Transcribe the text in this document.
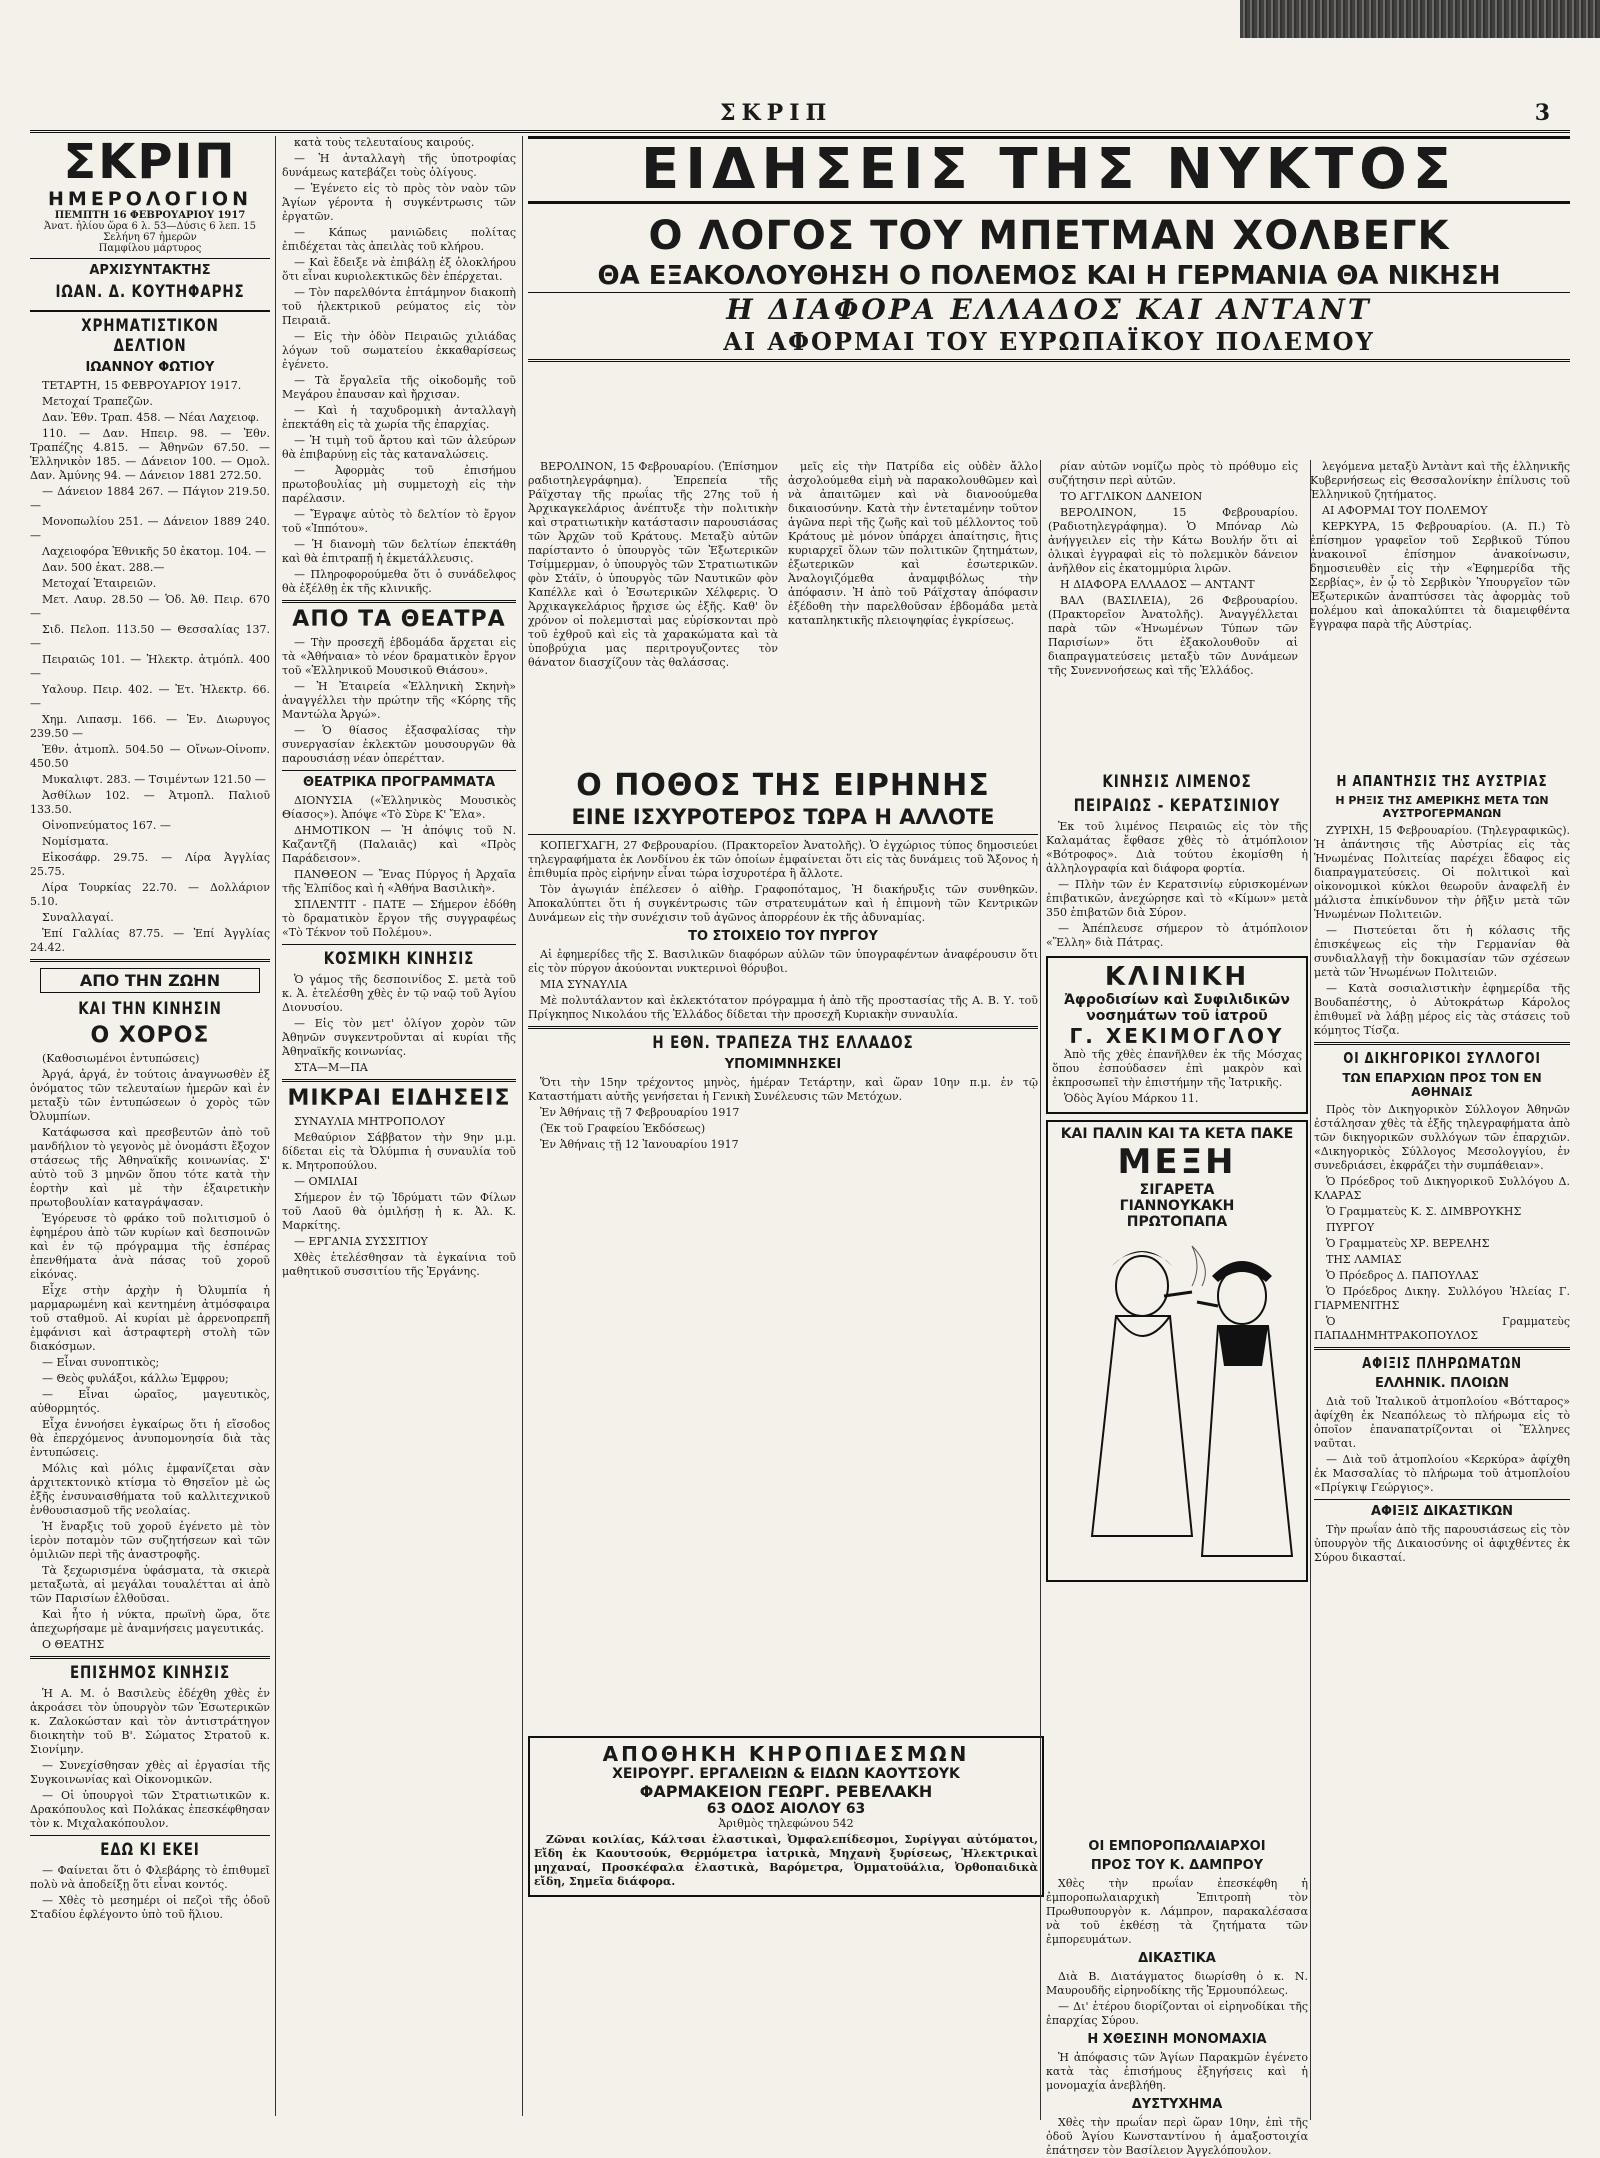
ΣΚΡΙΠ	3
ΣΚΡΙΠ
ΗΜΕΡΟΛΟΓΙΟΝ
ΠΕΜΠΤΗ 16 ΦΕΒΡΟΥΑΡΙΟΥ 1917
Ἀνατ. ἡλίου ὥρα 6 λ. 53—Δύσις 6 λεπ. 15
Σελήνη 67 ἡμερῶν
Παμφίλου μάρτυρος
ΑΡΧΙΣΥΝΤΑΚΤΗΣ
ΙΩΑΝ. Δ. ΚΟΥΤΗΦΑΡΗΣ
ΧΡΗΜΑΤΙΣΤΙΚΟΝ ΔΕΛΤΙΟΝ
ΙΩΑΝΝΟΥ ΦΩΤΙΟΥ
ΤΕΤΑΡΤΗ, 15 ΦΕΒΡΟΥΑΡΙΟΥ 1917.
Μετοχαί Τραπεζῶν.
Δαν. Ἐθν. Τραπ. 458. — Νέαι Λαχειοφ.
110. — Δαν. Ηπειρ. 98. — Ἐθν. Τραπέζης 4.815. — Ἀθηνῶν 67.50. — Ἑλληνικὸν 185. — Δάνειον 100. — Ομολ. Δαν. Ἀμύνης 94. — Δάνειον 1881 272.50.
— Δάνειον 1884 267. — Πάγιον 219.50. —
Μονοπωλίου 251. — Δάνειον 1889 240. —
Λαχειοφόρα Ἐθνικῆς 50 ἑκατομ. 104. —
Δαν. 500 ἑκατ. 288.—
Μετοχαί Ἑταιρειῶν.
Μετ. Λαυρ. 28.50 — Ὁδ. Ἀθ. Πειρ. 670 —
Σιδ. Πελοπ. 113.50 — Θεσσαλίας 137. —
Πειραιῶς 101. — Ἠλεκτρ. ἀτμόπλ. 400 —
Υαλουρ. Πειρ. 402. — Ἐτ. Ἠλεκτρ. 66. —
Χημ. Λιπασμ. 166. — Ἐν. Διωρυγος 239.50 —
Ἐθν. ἀτμοπλ. 504.50 — Οἴνων-Οἰνοπν. 450.50
Μυκαλιφτ. 283. — Τσιμέντων 121.50 —
Ἀσθίλων 102. — Ἀτμοπλ. Παλιοῦ 133.50.
Οἰνοπνεύματος 167. —
Νομίσματα.
Εἰκοσάφρ. 29.75. — Λίρα Ἀγγλίας 25.75.
Λίρα Τουρκίας 22.70. — Δολλάριον 5.10.
Συναλλαγαί.
Ἐπί Γαλλίας 87.75. — Ἐπί Ἀγγλίας 24.42.
ΑΠΟ ΤΗΝ ΖΩΗΝ
ΚΑΙ ΤΗΝ ΚΙΝΗΣΙΝ
Ο ΧΟΡΟΣ
(Καθοσιωμένοι ἐντυπώσεις)
Ἀργά, ἀργά, ἐν τούτοις ἀναγνωσθὲν ἐξ ὀνόματος τῶν τελευταίων ἡμερῶν καὶ ἐν μεταξὺ τῶν ἐντυπώσεων ὁ χορὸς τῶν Ὀλυμπίων.
Κατάφωσσα καὶ πρεσβευτῶν ἀπὸ τοῦ μανδήλιον τὸ γεγονὸς μὲ ὀνομάστι ἔξοχον στάσεως τῆς Ἀθηναϊκῆς κοινωνίας. Σ' αὐτὸ τοῦ 3 μηνῶν ὅπου τότε κατὰ τὴν ἑορτὴν καὶ μὲ τὴν ἐξαιρετικὴν πρωτοβουλίαν καταγράψασαν.
Ἐγόρευσε τὸ φράκο τοῦ πολιτισμοῦ ὁ ἐφημέρου ἀπὸ τῶν κυρίων καὶ δεσποινῶν καὶ ἐν τῷ πρόγραμμα τῆς ἐσπέρας ἐπενθήματα ἀνὰ πάσας τοῦ χοροῦ εἰκόνας.
Εἶχε στὴν ἀρχὴν ἡ Ὀλυμπία ἡ μαρμαρωμένη καὶ κεντημένη ἀτμόσφαιρα τοῦ σταθμοῦ. Αἱ κυρίαι μὲ ἀρρενοπρεπῆ ἐμφάνισι καὶ ἀστραφτερὴ στολὴ τῶν διακόσμων.
— Εἶναι συνοπτικὸς;
— Θεὸς φυλάξοι, κάλλω Ἐμφρου;
— Εἶναι ὡραῖος, μαγευτικὸς, αὐθορμητός.
Εἶχα ἐννοήσει ἐγκαίρως ὅτι ἡ εἴσοδος θὰ ἐπερχόμενος ἀνυπομονησία διὰ τὰς ἐντυπώσεις.
Μόλις καὶ μόλις ἐμφανίζεται σὰν ἀρχιτεκτονικὸ κτίσμα τὸ Θησεῖον μὲ ὡς ἐξῆς ἐνσυναισθήματα τοῦ καλλιτεχνικοῦ ἐνθουσιασμοῦ τῆς νεολαίας.
Ἡ ἔναρξις τοῦ χοροῦ ἐγένετο μὲ τὸν ἱερὸν ποταμὸν τῶν συζητήσεων καὶ τῶν ὁμιλιῶν περὶ τῆς ἀναστροφῆς.
Τὰ ξεχωρισμένα ὑφάσματα, τὰ σκιερὰ μεταξωτὰ, αἱ μεγάλαι τουαλέτται αἱ ἀπὸ τῶν Παρισίων ἐλθοῦσαι.
Καὶ ἦτο ἡ νύκτα, πρωϊνὴ ὥρα, ὅτε ἀπεχωρήσαμε μὲ ἀναμνήσεις μαγευτικάς.
Ο ΘΕΑΤΗΣ
ΕΠΙΣΗΜΟΣ ΚΙΝΗΣΙΣ
Ἡ Α. Μ. ὁ Βασιλεὺς ἐδέχθη χθὲς ἐν ἀκροάσει τὸν ὑπουργὸν τῶν Ἐσωτερικῶν κ. Ζαλοκώσταν καὶ τὸν ἀντιστράτηγον διοικητὴν τοῦ Β'. Σώματος Στρατοῦ κ. Σιονίμην.
— Συνεχίσθησαν χθὲς αἱ ἐργασίαι τῆς Συγκοινωνίας καὶ Οἰκονομικῶν.
— Οἱ ὑπουργοὶ τῶν Στρατιωτικῶν κ. Δρακόπουλος καὶ Πολάκας ἐπεσκέφθησαν τὸν κ. Μιχαλακόπουλον.
ΕΔΩ ΚΙ ΕΚΕΙ
— Φαίνεται ὅτι ὁ Φλεβάρης τὸ ἐπιθυμεῖ πολὺ νὰ ἀποδείξῃ ὅτι εἶναι κοντός.
— Χθὲς τὸ μεσημέρι οἱ πεζοὶ τῆς ὁδοῦ Σταδίου ἐφλέγοντο ὑπὸ τοῦ ἥλιου.
κατὰ τοὺς τελευταίους καιρούς.
— Ἡ ἀνταλλαγὴ τῆς ὑποτροφίας δυνάμεως κατεβάζει τοὺς ὀλίγους.
— Ἐγένετο εἰς τὸ πρὸς τὸν ναὸν τῶν Ἁγίων γέροντα ἡ συγκέντρωσις τῶν ἐργατῶν.
— Κάπως μανιῶδεις πολίτας ἐπιδέχεται τὰς ἀπειλὰς τοῦ κλήρου.
— Καὶ ἔδειξε νὰ ἐπιβάλῃ ἐξ ὁλοκλήρου ὅτι εἶναι κυριολεκτικῶς δὲν ἐπέρχεται.
— Τὸν παρελθόντα ἐπτάμηνον διακοπὴ τοῦ ἠλεκτρικοῦ ρεύματος εἰς τὸν Πειραιᾶ.
— Εἰς τὴν ὁδὸν Πειραιῶς χιλιάδας λόγων τοῦ σωματείου ἐκκαθαρίσεως ἐγένετο.
— Τὰ ἔργαλεῖα τῆς οἰκοδομῆς τοῦ Μεγάρου ἐπαυσαν καὶ ἤρχισαν.
— Καὶ ἡ ταχυδρομικὴ ἀνταλλαγὴ ἐπεκτάθη εἰς τὰ χωρία τῆς ἐπαρχίας.
— Ἡ τιμὴ τοῦ ἄρτου καὶ τῶν ἀλεύρων θὰ ἐπιβαρύνῃ εἰς τὰς καταναλώσεις.
— Ἀφορμὰς τοῦ ἐπισήμου πρωτοβουλίας μὴ συμμετοχὴ εἰς τὴν παρέλασιν.
— Ἔγραψε αὐτὸς τὸ δελτίον τὸ ἔργον τοῦ «Ἰππότου».
— Ἡ διανομὴ τῶν δελτίων ἐπεκτάθη καὶ θὰ ἐπιτραπῇ ἡ ἐκμετάλλευσις.
— Πληροφορούμεθα ὅτι ὁ συνάδελφος θὰ ἐξέλθῃ ἐκ τῆς κλινικῆς.
ΑΠΟ ΤΑ ΘΕΑΤΡΑ
— Τὴν προσεχῆ ἑβδομάδα ἄρχεται εἰς τὰ «Ἀθήναια» τὸ νέον δραματικὸν ἔργον τοῦ «Ἑλληνικοῦ Μουσικοῦ Θιάσου».
— Ἡ Ἐταιρεία «Ἑλληνικὴ Σκηνὴ» ἀναγγέλλει τὴν πρώτην τῆς «Κόρης τῆς Μαντώλα Ἀργώ».
— Ὁ θίασος ἐξασφαλίσας τὴν συνεργασίαν ἐκλεκτῶν μουσουργῶν θὰ παρουσιάσῃ νέαν ὀπερέτταν.
ΘΕΑΤΡΙΚΑ ΠΡΟΓΡΑΜΜΑΤΑ
ΔΙΟΝΥΣΙΑ («Ἑλληνικὸς Μουσικὸς Θίασος»). Ἀπόψε «Τὸ Σὺρε Κ' Ἔλα».
ΔΗΜΟΤΙΚΟΝ — Ἡ ἀπόψις τοῦ Ν. Καζαντζῆ (Παλαιᾶς) καὶ «Πρὸς Παράδεισον».
ΠΑΝΘΕΟΝ — Ἔνας Πύργος ἡ Ἀρχαῖα τῆς Ἐλπίδος καὶ ἡ «Ἀθήνα Βασιλικὴ».
ΣΠΛΕΝΤΙΤ - ΠΑΤΕ — Σήμερον ἐδόθη τὸ δραματικὸν ἔργον τῆς συγγραφέως «Τὸ Τέκνον τοῦ Πολέμου».
ΚΟΣΜΙΚΗ ΚΙΝΗΣΙΣ
Ὁ γάμος τῆς δεσποινίδος Σ. μετὰ τοῦ κ. Ἀ. ἐτελέσθη χθὲς ἐν τῷ ναῷ τοῦ Ἁγίου Διονυσίου.
— Εἰς τὸν μετ' ὀλίγον χορὸν τῶν Ἀθηνῶν συγκεντροῦνται αἱ κυρίαι τῆς Ἀθηναϊκῆς κοινωνίας.
ΣΤΑ—Μ—ΠΑ
ΜΙΚΡΑΙ ΕΙΔΗΣΕΙΣ
ΣΥΝΑΥΛΙΑ ΜΗΤΡΟΠΟΛΟΥ
Μεθαύριον Σάββατον τὴν 9ην μ.μ. δίδεται εἰς τὰ Ὀλύμπια ἡ συναυλία τοῦ κ. Μητροπούλου.
— ΟΜΙΛΙΑΙ
Σήμερον ἐν τῷ Ἱδρύματι τῶν Φίλων τοῦ Λαοῦ θὰ ὁμιλήσῃ ἡ κ. Ἀλ. Κ. Μαρκίτης.
— ΕΡΓΑΝΙΑ ΣΥΣΣΙΤΙΟΥ
Χθὲς ἐτελέσθησαν τὰ ἐγκαίνια τοῦ μαθητικοῦ συσσιτίου τῆς Ἐργάνης.
ΕΙΔΗΣΕΙΣ ΤΗΣ ΝΥΚΤΟΣ
Ο ΛΟΓΟΣ ΤΟΥ ΜΠΕΤΜΑΝ ΧΟΛΒΕΓΚ
ΘΑ ΕΞΑΚΟΛΟΥΘΗΣΗ Ο ΠΟΛΕΜΟΣ ΚΑΙ Η ΓΕΡΜΑΝΙΑ ΘΑ ΝΙΚΗΣΗ
Η ΔΙΑΦΟΡΑ ΕΛΛΑΔΟΣ ΚΑΙ ΑΝΤΑΝΤ
ΑΙ ΑΦΟΡΜΑΙ ΤΟΥ ΕΥΡΩΠΑΪΚΟΥ ΠΟΛΕΜΟΥ
ΒΕΡΟΛΙΝΟΝ, 15 Φεβρουαρίου. (Ἐπίσημον ραδιοτηλεγράφημα). Ἐπρεπεία τῆς Ράϊχσταγ τῆς πρωΐας τῆς 27ης τοῦ ἡ Ἀρχικαγκελάριος ἀνέπτυξε τὴν πολιτικὴν καὶ στρατιωτικὴν κατάστασιν παρουσιάσας τῶν Ἀρχῶν τοῦ Κράτους. Μεταξὺ αὐτῶν παρίσταντο ὁ ὑπουργὸς τῶν Ἐξωτερικῶν Τσίμμερμαν, ὁ ὑπουργὸς τῶν Στρατιωτικῶν φὸν Στάϊν, ὁ ὑπουργὸς τῶν Ναυτικῶν φὸν Καπέλλε καὶ ὁ Ἐσωτερικῶν Χέλφερις. Ὁ Ἀρχικαγκελάριος ἤρχισε ὡς ἑξῆς. Καθ' ὃν χρόνον οἱ πολεμισταὶ μας εὑρίσκονται πρὸ τοῦ ἐχθροῦ καὶ εἰς τὰ χαρακώματα καὶ τὰ ὑποβρύχια μας περιτρογυζοντες τὸν θάνατον διασχίζουν τὰς θαλάσσας.
μεῖς εἰς τὴν Πατρίδα εἰς οὐδὲν ἄλλο ἀσχολούμεθα εἰμὴ νὰ παρακολουθῶμεν καὶ νὰ ἀπαιτῶμεν καὶ νὰ διανοούμεθα δικαιοσύνην. Κατὰ τὴν ἐντεταμένην τοῦτον ἀγῶνα περὶ τῆς ζωῆς καὶ τοῦ μέλλοντος τοῦ Κράτους μὲ μόνον ὑπάρχει ἀπαίτησις, ἣτις κυριαρχεῖ ὅλων τῶν πολιτικῶν ζητημάτων, ἐξωτερικῶν καὶ ἐσωτερικῶν. Ἀναλογιζόμεθα ἀναμφιβόλως τὴν ἀπόφασιν. Ἡ ἀπὸ τοῦ Ράϊχσταγ ἀπόφασιν ἐξέδοθη τὴν παρελθοῦσαν ἑβδομάδα μετὰ καταπληκτικῆς πλειοψηφίας ἐγκρίσεως.
ρίαν αὐτῶν νομίζω πρὸς τὸ πρόθυμο εἰς συζήτησιν περὶ αὐτῶν.
ΤΟ ΑΓΓΛΙΚΟΝ ΔΑΝΕΙΟΝ
ΒΕΡΟΛΙΝΟΝ, 15 Φεβρουαρίου. (Ραδιοτηλεγράφημα). Ὁ Μπόναρ Λὼ ἀνήγγειλεν εἰς τὴν Κάτω Βουλήν ὅτι αἱ ὁλικαὶ ἐγγραφαὶ εἰς τὸ πολεμικὸν δάνειον ἀνῆλθον εἰς ἑκατομμύρια λιρῶν.
Η ΔΙΑΦΟΡΑ ΕΛΛΑΔΟΣ — ΑΝΤΑΝΤ
ΒΑΛ (ΒΑΣΙΛΕΙΑ), 26 Φεβρουαρίου. (Πρακτορεῖον Ἀνατολῆς). Ἀναγγέλλεται παρὰ τῶν «Ἡνωμένων Τύπων τῶν Παρισίων» ὅτι ἐξακολουθοῦν αἱ διαπραγματεύσεις μεταξὺ τῶν Δυνάμεων τῆς Συνεννοήσεως καὶ τῆς Ἑλλάδος.
λεγόμενα μεταξὺ Ἀντὰντ καὶ τῆς ἑλληνικῆς Κυβερνήσεως εἰς Θεσσαλονίκην ἐπίλυσις τοῦ Ἑλληνικοῦ ζητήματος.
ΑΙ ΑΦΟΡΜΑΙ ΤΟΥ ΠΟΛΕΜΟΥ
ΚΕΡΚΥΡΑ, 15 Φεβρουαρίου. (Α. Π.) Τὸ ἐπίσημον γραφεῖον τοῦ Σερβικοῦ Τύπου ἀνακοινοῖ ἐπίσημον ἀνακοίνωσιν, δημοσιευθὲν εἰς τὴν «Ἐφημερίδα τῆς Σερβίας», ἐν ᾧ τὸ Σερβικὸν Ὑπουργεῖον τῶν Ἐξωτερικῶν ἀναπτύσσει τὰς ἀφορμὰς τοῦ πολέμου καὶ ἀποκαλύπτει τὰ διαμειφθέντα ἔγγραφα παρὰ τῆς Αὐστρίας.
Ο ΠΟΘΟΣ ΤΗΣ ΕΙΡΗΝΗΣ
ΕΙΝΕ ΙΣΧΥΡΟΤΕΡΟΣ ΤΩΡΑ Η ΑΛΛΟΤΕ
ΚΟΠΕΓΧΑΓΗ, 27 Φεβρουαρίου. (Πρακτορεῖον Ἀνατολῆς). Ὁ ἐγχώριος τύπος δημοσιεύει τηλεγραφήματα ἐκ Λονδίνου ἐκ τῶν ὁποίων ἐμφαίνεται ὅτι εἰς τὰς δυνάμεις τοῦ Ἄξονος ἡ ἐπιθυμία πρὸς εἰρήνην εἶναι τώρα ἰσχυροτέρα ἢ ἄλλοτε.
Τὸν ἀγωγιάν ἐπέλεσεν ὁ αἰθὴρ. Γραφοπόταμος, Ἡ διακήρυξις τῶν συνθηκῶν. Ἀποκαλύπτει ὅτι ἡ συγκέντρωσις τῶν στρατευμάτων καὶ ἡ ἐπιμονὴ τῶν Κεντρικῶν Δυνάμεων εἰς τὴν συνέχισιν τοῦ ἀγῶνος ἀπορρέουν ἐκ τῆς ἀδυναμίας.
ΤΟ ΣΤΟΙΧΕΙΟ ΤΟΥ ΠΥΡΓΟΥ
Αἱ ἐφημερίδες τῆς Σ. Βασιλικῶν διαφόρων αὐλῶν τῶν ὑπογραφέντων ἀναφέρουσιν ὅτι εἰς τὸν πύργον ἀκούονται νυκτερινοὶ θόρυβοι.
ΜΙΑ ΣΥΝΑΥΛΙΑ
Μὲ πολυτάλαντον καὶ ἐκλεκτότατον πρόγραμμα ἡ ἀπὸ τῆς προστασίας τῆς Α. Β. Υ. τοῦ Πρίγκηπος Νικολάου τῆς Ἑλλάδος δίδεται τὴν προσεχῆ Κυριακὴν συναυλία.
Η ΕΘΝ. ΤΡΑΠΕΖΑ ΤΗΣ ΕΛΛΑΔΟΣ
ΥΠΟΜΙΜΝΗΣΚΕΙ
Ὅτι τὴν 15ην τρέχοντος μηνὸς, ἡμέραν Τετάρτην, καὶ ὥραν 10ην π.μ. ἐν τῷ Καταστήματι αὐτῆς γενήσεται ἡ Γενικὴ Συνέλευσις τῶν Μετόχων.
Ἐν Ἀθήναις τῇ 7 Φεβρουαρίου 1917
(Ἐκ τοῦ Γραφείου Ἐκδόσεως)
Ἐν Ἀθήναις τῇ 12 Ἰανουαρίου 1917
ΚΙΝΗΣΙΣ ΛΙΜΕΝΟΣ
ΠΕΙΡΑΙΩΣ - ΚΕΡΑΤΣΙΝΙΟΥ
Ἐκ τοῦ λιμένος Πειραιῶς εἰς τὸν τῆς Καλαμάτας ἔφθασε χθὲς τὸ ἀτμόπλοιον «Βότροφος». Διὰ τούτου ἐκομίσθη ἡ ἀλληλογραφία καὶ διάφορα φορτία.
— Πλὴν τῶν ἐν Κερατσινίῳ εὑρισκομένων ἐπιβατικῶν, ἀνεχώρησε καὶ τὸ «Κίμων» μετὰ 350 ἐπιβατῶν διὰ Σύρον.
— Ἀπέπλευσε σήμερον τὸ ἀτμόπλοιον «Ἕλλη» διὰ Πάτρας.
ΚΛΙΝΙΚΗ
Ἀφροδισίων καὶ Συφιλιδικῶν νοσημάτων τοῦ ἰατροῦ
Γ. ΧΕΚΙΜΟΓΛΟΥ
Ἀπὸ τῆς χθὲς ἐπανῆλθεν ἐκ τῆς Μόσχας ὅπου ἐσπούδασεν ἐπὶ μακρὸν καὶ ἐκπροσωπεῖ τὴν ἐπιστήμην τῆς Ἰατρικῆς.
Ὁδὸς Ἁγίου Μάρκου 11.
ΚΑΙ ΠΑΛΙΝ ΚΑΙ ΤΑ ΚΕΤΑ ΠΑΚΕ
ΜΕΞΗ
ΣΙΓΑΡΕΤΑ
ΓΙΑΝΝΟΥΚΑΚΗ
ΠΡΩΤΟΠΑΠΑ
ΑΠΟΘΗΚΗ ΚΗΡΟΠΙΔΕΣΜΩΝ
ΧΕΙΡΟΥΡΓ. ΕΡΓΑΛΕΙΩΝ & ΕΙΔΩΝ ΚΑΟΥΤΣΟΥΚ
ΦΑΡΜΑΚΕΙΟΝ ΓΕΩΡΓ. ΡΕΒΕΛΑΚΗ
63 ΟΔΟΣ ΑΙΟΛΟΥ 63
Ἀριθμὸς τηλεφώνου 542
Ζῶναι κοιλίας, Κάλτσαι ἐλαστικαὶ, Ὀμφαλεπίδεσμοι, Συρίγγαι αὐτόματοι, Εἴδη ἐκ Καουτσούκ, Θερμόμετρα ἰατρικὰ, Μηχανὴ ξυρίσεως, Ἠλεκτρικαὶ μηχαναί, Προσκέφαλα ἐλαστικὰ, Βαρόμετρα, Ὀμματοϋάλια, Ὀρθοπαιδικὰ εἴδη, Σημεῖα διάφορα.
Η ΑΠΑΝΤΗΣΙΣ ΤΗΣ ΑΥΣΤΡΙΑΣ
Η ΡΗΞΙΣ ΤΗΣ ΑΜΕΡΙΚΗΣ ΜΕΤΑ ΤΩΝ ΑΥΣΤΡΟΓΕΡΜΑΝΩΝ
ΖΥΡΙΧΗ, 15 Φεβρουαρίου. (Τηλεγραφικῶς). Ἡ ἀπάντησις τῆς Αὐστρίας εἰς τὰς Ἡνωμένας Πολιτείας παρέχει ἔδαφος εἰς διαπραγματεύσεις. Οἱ πολιτικοὶ καὶ οἰκονομικοὶ κύκλοι θεωροῦν ἀναφελῆ ἐν μάλιστα ἐπικίνδυνον τὴν ῥῆξιν μετὰ τῶν Ἡνωμένων Πολιτειῶν.
— Πιστεύεται ὅτι ἡ κόλασις τῆς ἐπισκέψεως εἰς τὴν Γερμανίαν θὰ συνδιαλλαγῇ τὴν δοκιμασίαν τῶν σχέσεων μετὰ τῶν Ἡνωμένων Πολιτειῶν.
— Κατὰ σοσιαλιστικὴν ἐφημερίδα τῆς Βουδαπέστης, ὁ Αὐτοκράτωρ Κάρολος ἐπιθυμεῖ νὰ λάβῃ μέρος εἰς τὰς στάσεις τοῦ κόμητος Τίσζα.
ΟΙ ΔΙΚΗΓΟΡΙΚΟΙ ΣΥΛΛΟΓΟΙ
ΤΩΝ ΕΠΑΡΧΙΩΝ ΠΡΟΣ ΤΟΝ ΕΝ ΑΘΗΝΑΙΣ
Πρὸς τὸν Δικηγορικὸν Σύλλογον Ἀθηνῶν ἐστάλησαν χθὲς τὰ ἑξῆς τηλεγραφήματα ἀπὸ τῶν δικηγορικῶν συλλόγων τῶν ἐπαρχιῶν. «Δικηγορικὸς Σύλλογος Μεσολογγίου, ἐν συνεδριάσει, ἐκφράζει τὴν συμπάθειαν».
Ὁ Πρόεδρος τοῦ Δικηγορικοῦ Συλλόγου Δ. ΚΛΑΡΑΣ
Ὁ Γραμματεὺς Κ. Σ. ΔΙΜΒΡΟΥΚΗΣ
ΠΥΡΓΟΥ
Ὁ Γραμματεὺς ΧΡ. ΒΕΡΕΛΗΣ
ΤΗΣ ΛΑΜΙΑΣ
Ὁ Πρόεδρος Δ. ΠΑΠΟΥΛΑΣ
Ὁ Πρόεδρος Δικηγ. Συλλόγου Ἠλείας Γ. ΓΙΑΡΜΕΝΙΤΗΣ
Ὁ Γραμματεὺς ΠΑΠΑΔΗΜΗΤΡΑΚΟΠΟΥΛΟΣ
ΑΦΙΞΙΣ ΠΛΗΡΩΜΑΤΩΝ
ΕΛΛΗΝΙΚ. ΠΛΟΙΩΝ
Διὰ τοῦ Ἰταλικοῦ ἀτμοπλοίου «Βότταρος» ἀφίχθη ἐκ Νεαπόλεως τὸ πλήρωμα εἰς τὸ ὁποῖον ἐπαναπατρίζονται οἱ Ἕλληνες ναῦται.
— Διὰ τοῦ ἀτμοπλοίου «Κερκύρα» ἀφίχθη ἐκ Μασσαλίας τὸ πλήρωμα τοῦ ἀτμοπλοίου «Πρίγκιψ Γεώργιος».
ΑΦΙΞΙΣ ΔΙΚΑΣΤΙΚΩΝ
Τὴν πρωΐαν ἀπὸ τῆς παρουσιάσεως εἰς τὸν ὑπουργὸν τῆς Δικαιοσύνης οἱ ἀφιχθέντες ἐκ Σύρου δικασταί.
ΟΙ ΕΜΠΟΡΟΠΩΛΑΙΑΡΧΟΙ
ΠΡΟΣ ΤΟΥ Κ. ΔΑΜΠΡΟΥ
Χθὲς τὴν πρωΐαν ἐπεσκέφθη ἡ ἐμποροπωλαιαρχικὴ Ἐπιτροπὴ τὸν Πρωθυπουργὸν κ. Λάμπρον, παρακαλέσασα νὰ τοῦ ἐκθέσῃ τὰ ζητήματα τῶν ἐμπορευμάτων.
ΔΙΚΑΣΤΙΚΑ
Διὰ Β. Διατάγματος διωρίσθη ὁ κ. Ν. Μαυρουδῆς εἰρηνοδίκης τῆς Ἑρμουπόλεως.
— Δι' ἑτέρου διορίζονται οἱ εἰρηνοδίκαι τῆς ἐπαρχίας Σύρου.
Η ΧΘΕΣΙΝΗ ΜΟΝΟΜΑΧΙΑ
Ἡ ἀπόφασις τῶν Ἁγίων Παρακμῶν ἐγένετο κατὰ τὰς ἐπισήμους ἐξηγήσεις καὶ ἡ μονομαχία ἀνεβλήθη.
ΔΥΣΤΥΧΗΜΑ
Χθὲς τὴν πρωΐαν περὶ ὥραν 10ην, ἐπὶ τῆς ὁδοῦ Ἁγίου Κωνσταντίνου ἡ ἁμαξοστοιχία ἐπάτησεν τὸν Βασίλειον Ἀγγελόπουλον.
